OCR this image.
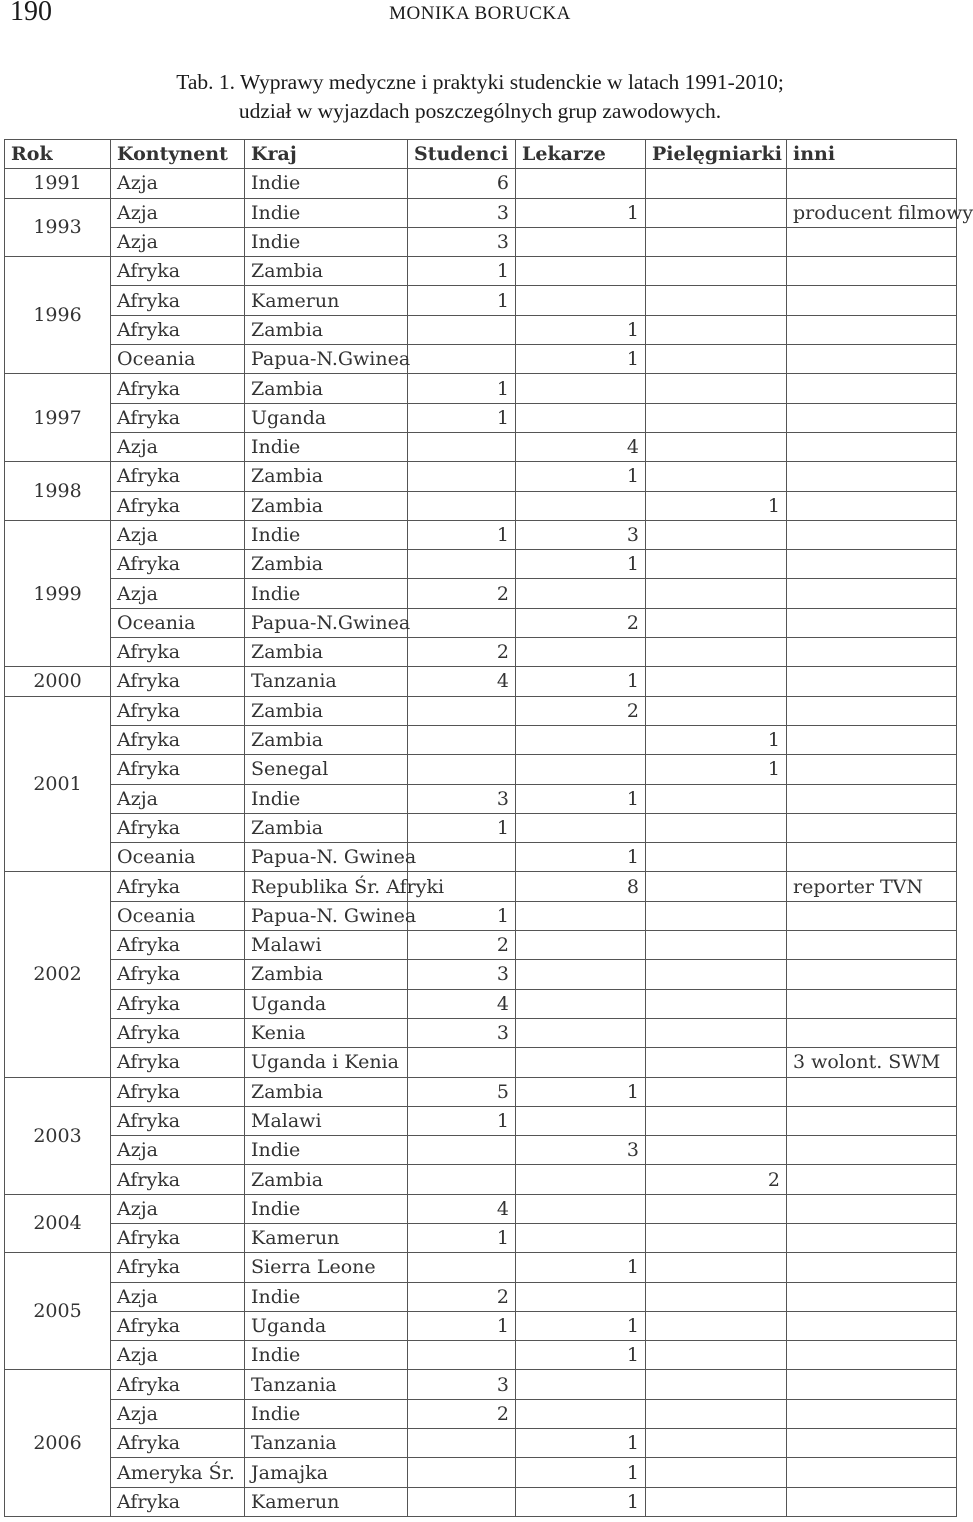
190	MONIKA BORUCKA
Tab. 1. Wyprawy medyczne i praktyki studenckie w latach 1991-2010;
udział w wyjazdach poszczególnych grup zawodowych.
Rok	Kontynent	Kraj	Studenci	Lekarze	Pielęgniarki	inni
1991	Azja	Indie	6			
1993	Azja	Indie	3	1		producent filmowy
	Azja	Indie	3			
1996	Afryka	Zambia	1			
	Afryka	Kamerun	1			
	Afryka	Zambia		1		
	Oceania	Papua-N.Gwinea		1		
1997	Afryka	Zambia	1			
	Afryka	Uganda	1			
	Azja	Indie		4		
1998	Afryka	Zambia		1		
	Afryka	Zambia			1	
1999	Azja	Indie	1	3		
	Afryka	Zambia		1		
	Azja	Indie	2			
	Oceania	Papua-N.Gwinea		2		
	Afryka	Zambia	2			
2000	Afryka	Tanzania	4	1		
2001	Afryka	Zambia		2		
	Afryka	Zambia			1	
	Afryka	Senegal			1	
	Azja	Indie	3	1		
	Afryka	Zambia	1			
	Oceania	Papua-N. Gwinea		1		
2002	Afryka	Republika Śr. Afryki		8		reporter TVN
	Oceania	Papua-N. Gwinea	1			
	Afryka	Malawi	2			
	Afryka	Zambia	3			
	Afryka	Uganda	4			
	Afryka	Kenia	3			
	Afryka	Uganda i Kenia				3 wolont. SWM
2003	Afryka	Zambia	5	1		
	Afryka	Malawi	1			
	Azja	Indie		3		
	Afryka	Zambia			2	
2004	Azja	Indie	4			
	Afryka	Kamerun	1			
2005	Afryka	Sierra Leone		1		
	Azja	Indie	2			
	Afryka	Uganda	1	1		
	Azja	Indie		1		
2006	Afryka	Tanzania	3			
	Azja	Indie	2			
	Afryka	Tanzania		1		
	Ameryka Śr.	Jamajka		1		
	Afryka	Kamerun		1		
